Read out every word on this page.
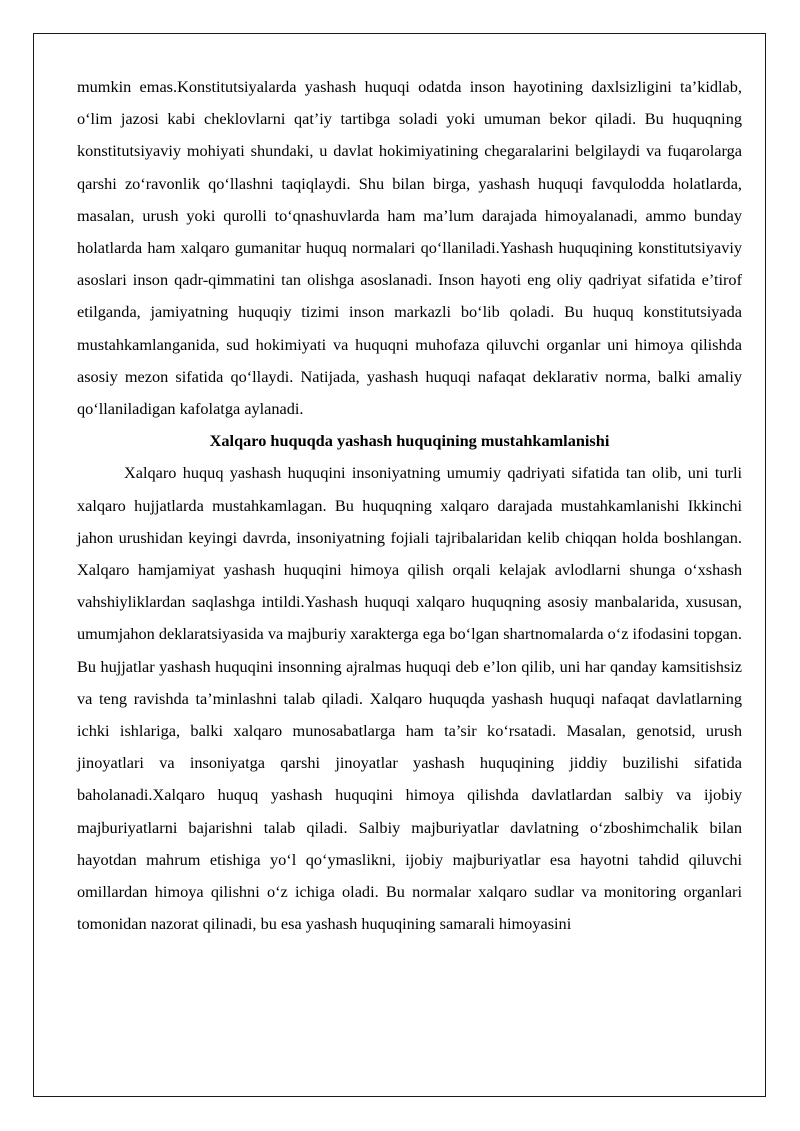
mumkin emas.Konstitutsiyalarda yashash huquqi odatda inson hayotining daxlsizligini ta’kidlab, o‘lim jazosi kabi cheklovlarni qat’iy tartibga soladi yoki umuman bekor qiladi. Bu huquqning konstitutsiyaviy mohiyati shundaki, u davlat hokimiyatining chegaralarini belgilaydi va fuqarolarga qarshi zo‘ravonlik qo‘llashni taqiqlaydi. Shu bilan birga, yashash huquqi favqulodda holatlarda, masalan, urush yoki qurolli to‘qnashuvlarda ham ma’lum darajada himoyalanadi, ammo bunday holatlarda ham xalqaro gumanitar huquq normalari qo‘llaniladi.Yashash huquqining konstitutsiyaviy asoslari inson qadr-qimmatini tan olishga asoslanadi. Inson hayoti eng oliy qadriyat sifatida e’tirof etilganda, jamiyatning huquqiy tizimi inson markazli bo‘lib qoladi. Bu huquq konstitutsiyada mustahkamlanganida, sud hokimiyati va huquqni muhofaza qiluvchi organlar uni himoya qilishda asosiy mezon sifatida qo‘llaydi. Natijada, yashash huquqi nafaqat deklarativ norma, balki amaliy qo‘llaniladigan kafolatga aylanadi.

Xalqaro huquqda yashash huquqining mustahkamlanishi

Xalqaro huquq yashash huquqini insoniyatning umumiy qadriyati sifatida tan olib, uni turli xalqaro hujjatlarda mustahkamlagan. Bu huquqning xalqaro darajada mustahkamlanishi Ikkinchi jahon urushidan keyingi davrda, insoniyatning fojiali tajribalaridan kelib chiqqan holda boshlangan. Xalqaro hamjamiyat yashash huquqini himoya qilish orqali kelajak avlodlarni shunga o‘xshash vahshiyliklardan saqlashga intildi.Yashash huquqi xalqaro huquqning asosiy manbalarida, xususan, umumjahon deklaratsiyasida va majburiy xarakterga ega bo‘lgan shartnomalarda o‘z ifodasini topgan. Bu hujjatlar yashash huquqini insonning ajralmas huquqi deb e’lon qilib, uni har qanday kamsitishsiz va teng ravishda ta’minlashni talab qiladi. Xalqaro huquqda yashash huquqi nafaqat davlatlarning ichki ishlariga, balki xalqaro munosabatlarga ham ta’sir ko‘rsatadi. Masalan, genotsid, urush jinoyatlari va insoniyatga qarshi jinoyatlar yashash huquqining jiddiy buzilishi sifatida baholanadi.Xalqaro huquq yashash huquqini himoya qilishda davlatlardan salbiy va ijobiy majburiyatlarni bajarishni talab qiladi. Salbiy majburiyatlar davlatning o‘zboshimchalik bilan hayotdan mahrum etishiga yo‘l qo‘ymaslikni, ijobiy majburiyatlar esa hayotni tahdid qiluvchi omillardan himoya qilishni o‘z ichiga oladi. Bu normalar xalqaro sudlar va monitoring organlari tomonidan nazorat qilinadi, bu esa yashash huquqining samarali himoyasini
